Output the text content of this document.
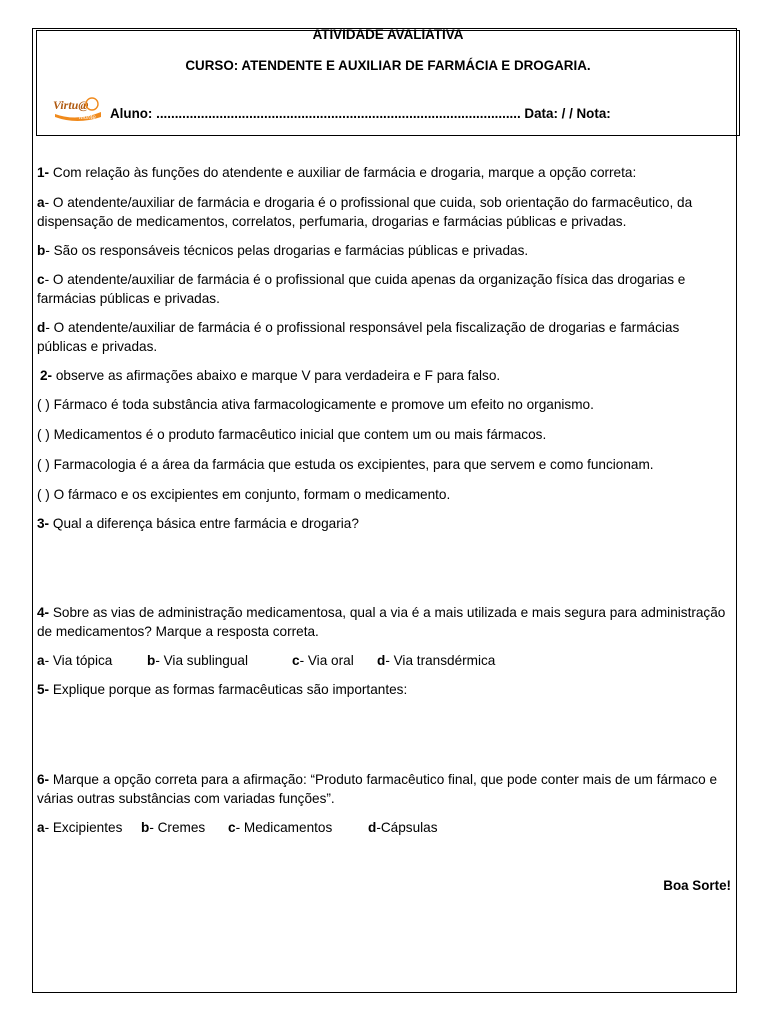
ATIVIDADE AVALIATIVA
CURSO: ATENDENTE E AUXILIAR DE FARMÁCIA E DROGARIA.
Virtu@
Monte Aluno: .................................................................................................. Data: / / Nota:
1- Com relação às funções do atendente e auxiliar de farmácia e drogaria, marque a opção correta:
a- O atendente/auxiliar de farmácia e drogaria é o profissional que cuida, sob orientação do farmacêutico, da dispensação de medicamentos, correlatos, perfumaria, drogarias e farmácias públicas e privadas.
b- São os responsáveis técnicos pelas drogarias e farmácias públicas e privadas.
c- O atendente/auxiliar de farmácia é o profissional que cuida apenas da organização física das drogarias e farmácias públicas e privadas.
d- O atendente/auxiliar de farmácia é o profissional responsável pela fiscalização de drogarias e farmácias públicas e privadas.
2- observe as afirmações abaixo e marque V para verdadeira e F para falso.
( ) Fármaco é toda substância ativa farmacologicamente e promove um efeito no organismo.
( ) Medicamentos é o produto farmacêutico inicial que contem um ou mais fármacos.
( ) Farmacologia é a área da farmácia que estuda os excipientes, para que servem e como funcionam.
( ) O fármaco e os excipientes em conjunto, formam o medicamento.
3- Qual a diferença básica entre farmácia e drogaria?
4- Sobre as vias de administração medicamentosa, qual a via é a mais utilizada e mais segura para administração de medicamentos? Marque a resposta correta.
a- Via tópica	b- Via sublingual	c- Via oral d- Via transdérmica
5- Explique porque as formas farmacêuticas são importantes:
6- Marque a opção correta para a afirmação: “Produto farmacêutico final, que pode conter mais de um fármaco e várias outras substâncias com variadas funções”.
a- Excipientes b- Cremes c- Medicamentos	d-Cápsulas
Boa Sorte!
